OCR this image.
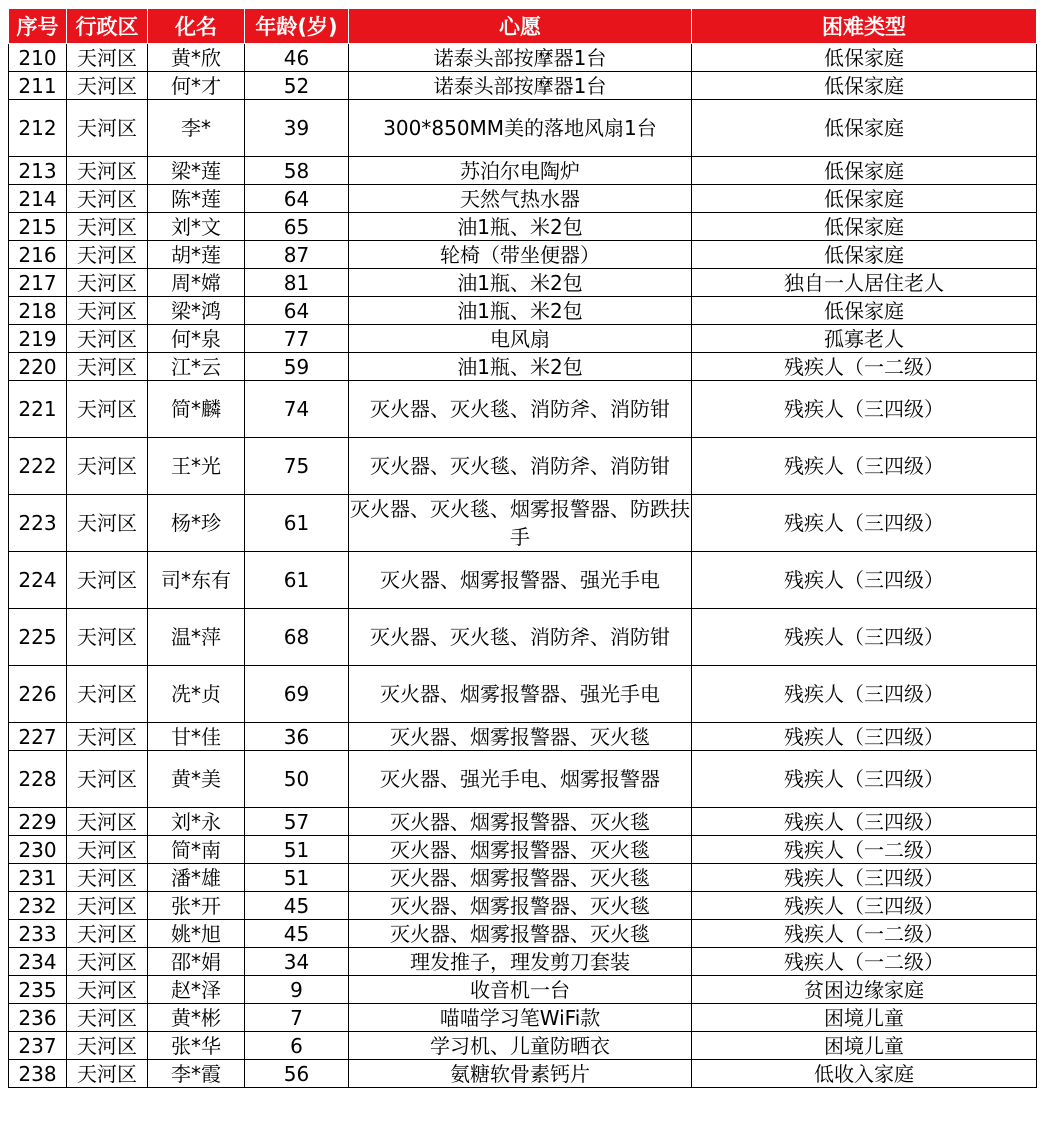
序号	行政区	化名	年龄(岁)	心愿	困难类型
210	天河区	黄*欣	46	诺泰头部按摩器1台	低保家庭
211	天河区	何*才	52	诺泰头部按摩器1台	低保家庭
212	天河区	李*	39	300*850MM美的落地风扇1台	低保家庭
213	天河区	梁*莲	58	苏泊尔电陶炉	低保家庭
214	天河区	陈*莲	64	天然气热水器	低保家庭
215	天河区	刘*文	65	油1瓶、米2包	低保家庭
216	天河区	胡*莲	87	轮椅（带坐便器）	低保家庭
217	天河区	周*嫦	81	油1瓶、米2包	独自一人居住老人
218	天河区	梁*鸿	64	油1瓶、米2包	低保家庭
219	天河区	何*泉	77	电风扇	孤寡老人
220	天河区	江*云	59	油1瓶、米2包	残疾人（一二级）
221	天河区	简*麟	74	灭火器、灭火毯、消防斧、消防钳	残疾人（三四级）
222	天河区	王*光	75	灭火器、灭火毯、消防斧、消防钳	残疾人（三四级）
223	天河区	杨*珍	61	灭火器、灭火毯、烟雾报警器、防跌扶手	残疾人（三四级）
224	天河区	司*东有	61	灭火器、烟雾报警器、强光手电	残疾人（三四级）
225	天河区	温*萍	68	灭火器、灭火毯、消防斧、消防钳	残疾人（三四级）
226	天河区	冼*贞	69	灭火器、烟雾报警器、强光手电	残疾人（三四级）
227	天河区	甘*佳	36	灭火器、烟雾报警器、灭火毯	残疾人（三四级）
228	天河区	黄*美	50	灭火器、强光手电、烟雾报警器	残疾人（三四级）
229	天河区	刘*永	57	灭火器、烟雾报警器、灭火毯	残疾人（三四级）
230	天河区	简*南	51	灭火器、烟雾报警器、灭火毯	残疾人（一二级）
231	天河区	潘*雄	51	灭火器、烟雾报警器、灭火毯	残疾人（三四级）
232	天河区	张*开	45	灭火器、烟雾报警器、灭火毯	残疾人（三四级）
233	天河区	姚*旭	45	灭火器、烟雾报警器、灭火毯	残疾人（一二级）
234	天河区	邵*娟	34	理发推子，理发剪刀套装	残疾人（一二级）
235	天河区	赵*泽	9	收音机一台	贫困边缘家庭
236	天河区	黄*彬	7	喵喵学习笔WiFi款	困境儿童
237	天河区	张*华	6	学习机、儿童防晒衣	困境儿童
238	天河区	李*霞	56	氨糖软骨素钙片	低收入家庭
